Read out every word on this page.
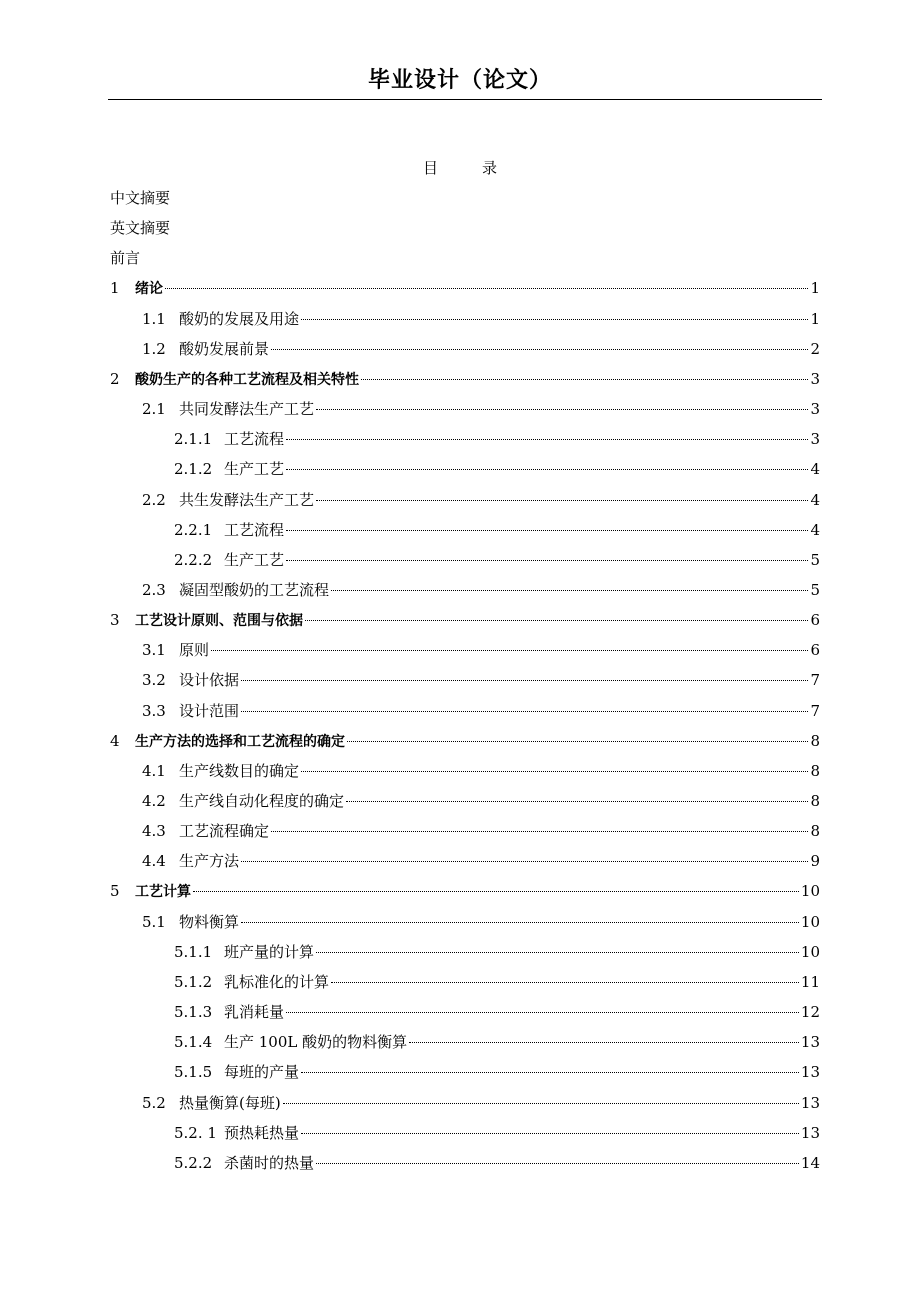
毕业设计（论文）
目	录
中文摘要
英文摘要
前言
1 绪论	1
1.1 酸奶的发展及用途	1
1.2 酸奶发展前景	2
2 酸奶生产的各种工艺流程及相关特性	3
2.1 共同发酵法生产工艺	3
2.1.1 工艺流程	3
2.1.2 生产工艺	4
2.2 共生发酵法生产工艺	4
2.2.1 工艺流程	4
2.2.2 生产工艺	5
2.3 凝固型酸奶的工艺流程	5
3 工艺设计原则、范围与依据	6
3.1 原则	6
3.2 设计依据	7
3.3 设计范围	7
4 生产方法的选择和工艺流程的确定	8
4.1 生产线数目的确定	8
4.2 生产线自动化程度的确定	8
4.3 工艺流程确定	8
4.4 生产方法	9
5 工艺计算	10
5.1 物料衡算	10
5.1.1 班产量的计算	10
5.1.2 乳标准化的计算	11
5.1.3 乳消耗量	12
5.1.4 生产 100L 酸奶的物料衡算	13
5.1.5 每班的产量	13
5.2 热量衡算(每班)	13
5.2. 1 预热耗热量	13
5.2.2 杀菌时的热量	14
